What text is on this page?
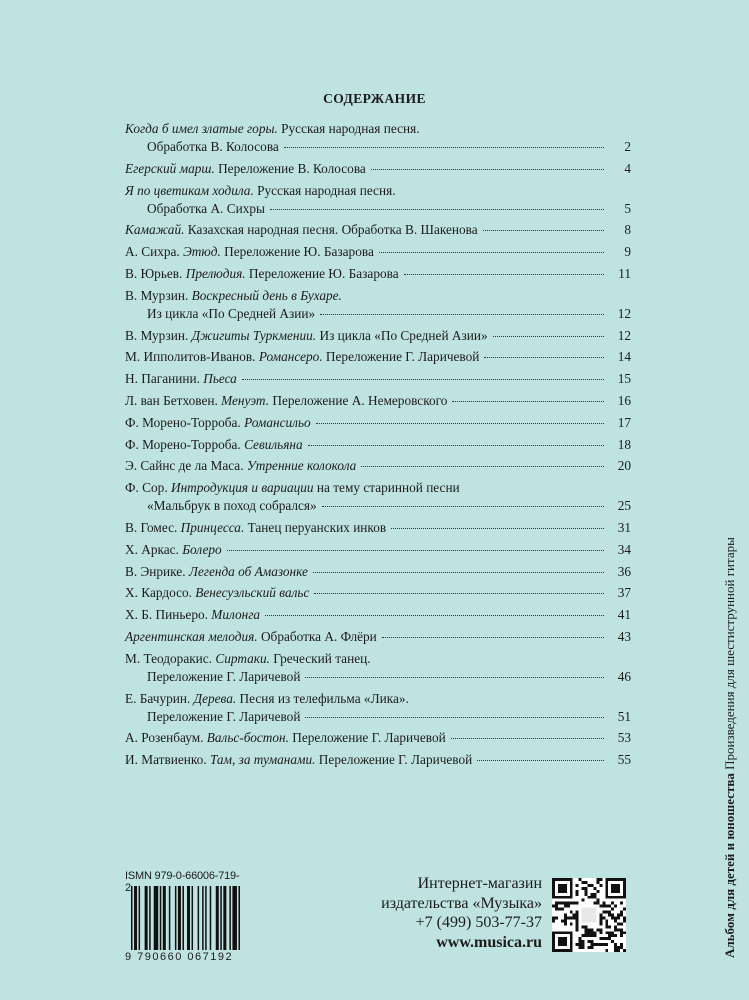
СОДЕРЖАНИЕ
Когда б имел златые горы. Русская народная песня.
Обработка В. Колосова	2
Егерский марш. Переложение В. Колосова	4
Я по цветикам ходила. Русская народная песня.
Обработка А. Сихры	5
Камажай. Казахская народная песня. Обработка В. Шакенова	8
А. Сихра. Этюд. Переложение Ю. Базарова	9
В. Юрьев. Прелюдия. Переложение Ю. Базарова	11
В. Мурзин. Воскресный день в Бухаре.
Из цикла «По Средней Азии»	12
В. Мурзин. Джигиты Туркмении. Из цикла «По Средней Азии»	12
М. Ипполитов-Иванов. Романсеро. Переложение Г. Ларичевой	14
Н. Паганини. Пьеса	15
Л. ван Бетховен. Менуэт. Переложение А. Немеровского	16
Ф. Морено-Торроба. Романсильо	17
Ф. Морено-Торроба. Севильяна	18
Э. Сайнс де ла Маса. Утренние колокола	20
Ф. Сор. Интродукция и вариации на тему старинной песни
«Мальбрук в поход собрался»	25
В. Гомес. Принцесса. Танец перуанских инков	31
Х. Аркас. Болеро	34
В. Энрике. Легенда об Амазонке	36
Х. Кардосо. Венесуэльский вальс	37
Х. Б. Пиньеро. Милонга	41
Аргентинская мелодия. Обработка А. Флёри	43
М. Теодоракис. Сиртаки. Греческий танец.
Переложение Г. Ларичевой	46
Е. Бачурин. Дерева. Песня из телефильма «Лика».
Переложение Г. Ларичевой	51
А. Розенбаум. Вальс-бостон. Переложение Г. Ларичевой	53
И. Матвиенко. Там, за туманами. Переложение Г. Ларичевой	55
ISMN 979-0-66006-719-2
9 790660 067192
Интернет-магазин
издательства «Музыка»
+7 (499) 503-77-37
www.musica.ru	Альбом для детей и юношества Произведения для шестиструнной гитары
